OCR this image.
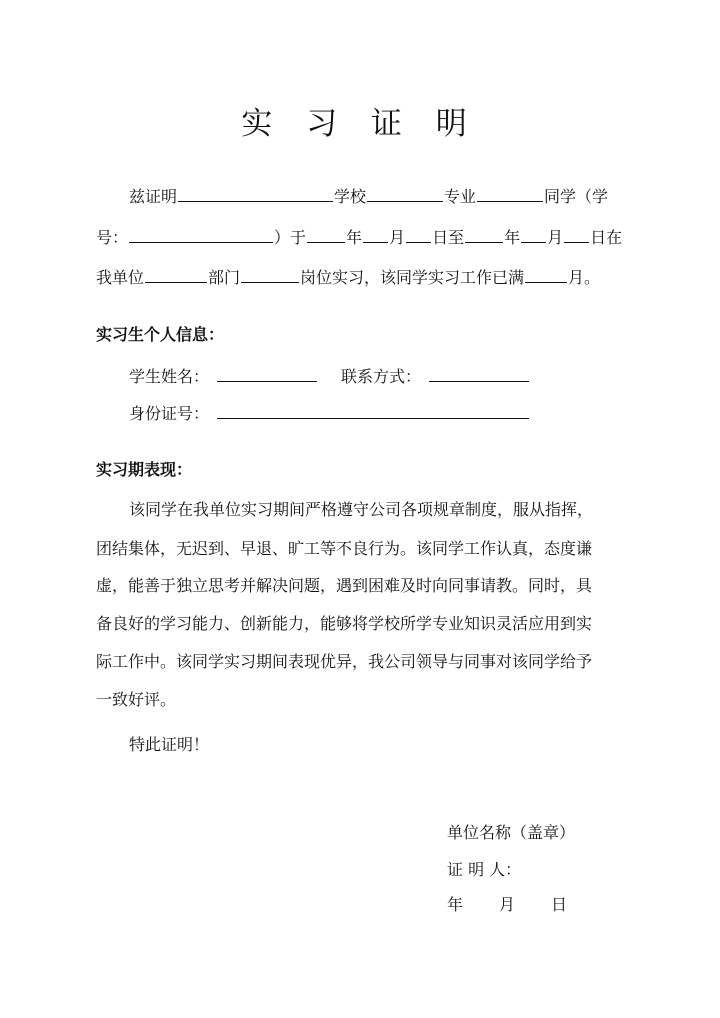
实 习 证 明
兹证明	学校	专业	同学（学
号：	）于	年 月 日至	年 月 日在
我单位	部门	岗位实习，该同学实习工作已满	月。
实习生个人信息：
学生姓名：	联系方式：
身份证号：
实习期表现：
该同学在我单位实习期间严格遵守公司各项规章制度，服从指挥，
团结集体，无迟到、早退、旷工等不良行为。该同学工作认真，态度谦
虚，能善于独立思考并解决问题，遇到困难及时向同事请教。同时，具
备良好的学习能力、创新能力，能够将学校所学专业知识灵活应用到实
际工作中。该同学实习期间表现优异，我公司领导与同事对该同学给予
一致好评。
特此证明！
单位名称（盖章）
证 明 人：
年 月 日
